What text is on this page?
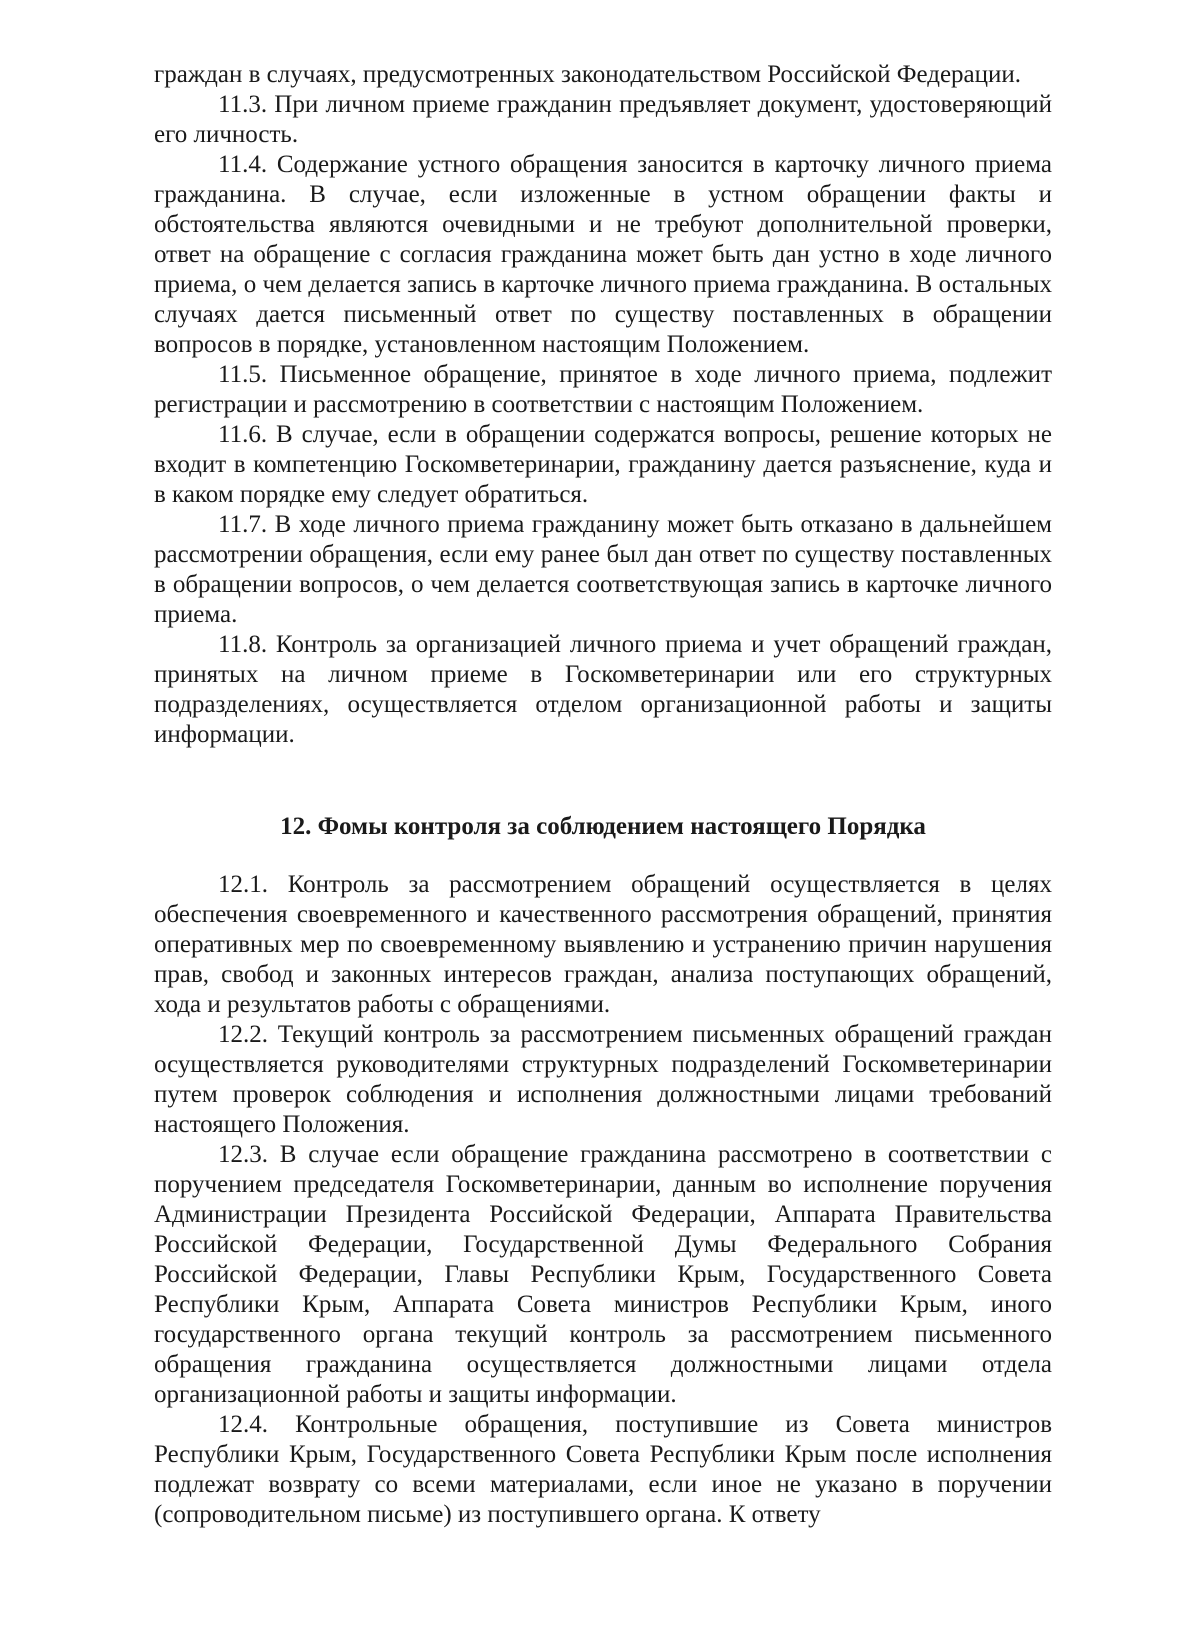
граждан в случаях, предусмотренных законодательством Российской Федерации.

11.3. При личном приеме гражданин предъявляет документ, удостоверяющий его личность.

11.4. Содержание устного обращения заносится в карточку личного приема гражданина. В случае, если изложенные в устном обращении факты и обстоятельства являются очевидными и не требуют дополнительной проверки, ответ на обращение с согласия гражданина может быть дан устно в ходе личного приема, о чем делается запись в карточке личного приема гражданина. В остальных случаях дается письменный ответ по существу поставленных в обращении вопросов в порядке, установленном настоящим Положением.

11.5. Письменное обращение, принятое в ходе личного приема, подлежит регистрации и рассмотрению в соответствии с настоящим Положением.

11.6. В случае, если в обращении содержатся вопросы, решение которых не входит в компетенцию Госкомветеринарии, гражданину дается разъяснение, куда и в каком порядке ему следует обратиться.

11.7. В ходе личного приема гражданину может быть отказано в дальнейшем рассмотрении обращения, если ему ранее был дан ответ по существу поставленных в обращении вопросов, о чем делается соответствующая запись в карточке личного приема.

11.8. Контроль за организацией личного приема и учет обращений граждан, принятых на личном приеме в Госкомветеринарии или его структурных подразделениях, осуществляется отделом организационной работы и защиты информации.

12. Фомы контроля за соблюдением настоящего Порядка

12.1. Контроль за рассмотрением обращений осуществляется в целях обеспечения своевременного и качественного рассмотрения обращений, принятия оперативных мер по своевременному выявлению и устранению причин нарушения прав, свобод и законных интересов граждан, анализа поступающих обращений, хода и результатов работы с обращениями.

12.2. Текущий контроль за рассмотрением письменных обращений граждан осуществляется руководителями структурных подразделений Госкомветеринарии путем проверок соблюдения и исполнения должностными лицами требований настоящего Положения.

12.3. В случае если обращение гражданина рассмотрено в соответствии с поручением председателя Госкомветеринарии, данным во исполнение поручения Администрации Президента Российской Федерации, Аппарата Правительства Российской Федерации, Государственной Думы Федерального Собрания Российской Федерации, Главы Республики Крым, Государственного Совета Республики Крым, Аппарата Совета министров Республики Крым, иного государственного органа текущий контроль за рассмотрением письменного обращения гражданина осуществляется должностными лицами отдела организационной работы и защиты информации.

12.4. Контрольные обращения, поступившие из Совета министров Республики Крым, Государственного Совета Республики Крым после исполнения подлежат возврату со всеми материалами, если иное не указано в поручении (сопроводительном письме) из поступившего органа. К ответу
